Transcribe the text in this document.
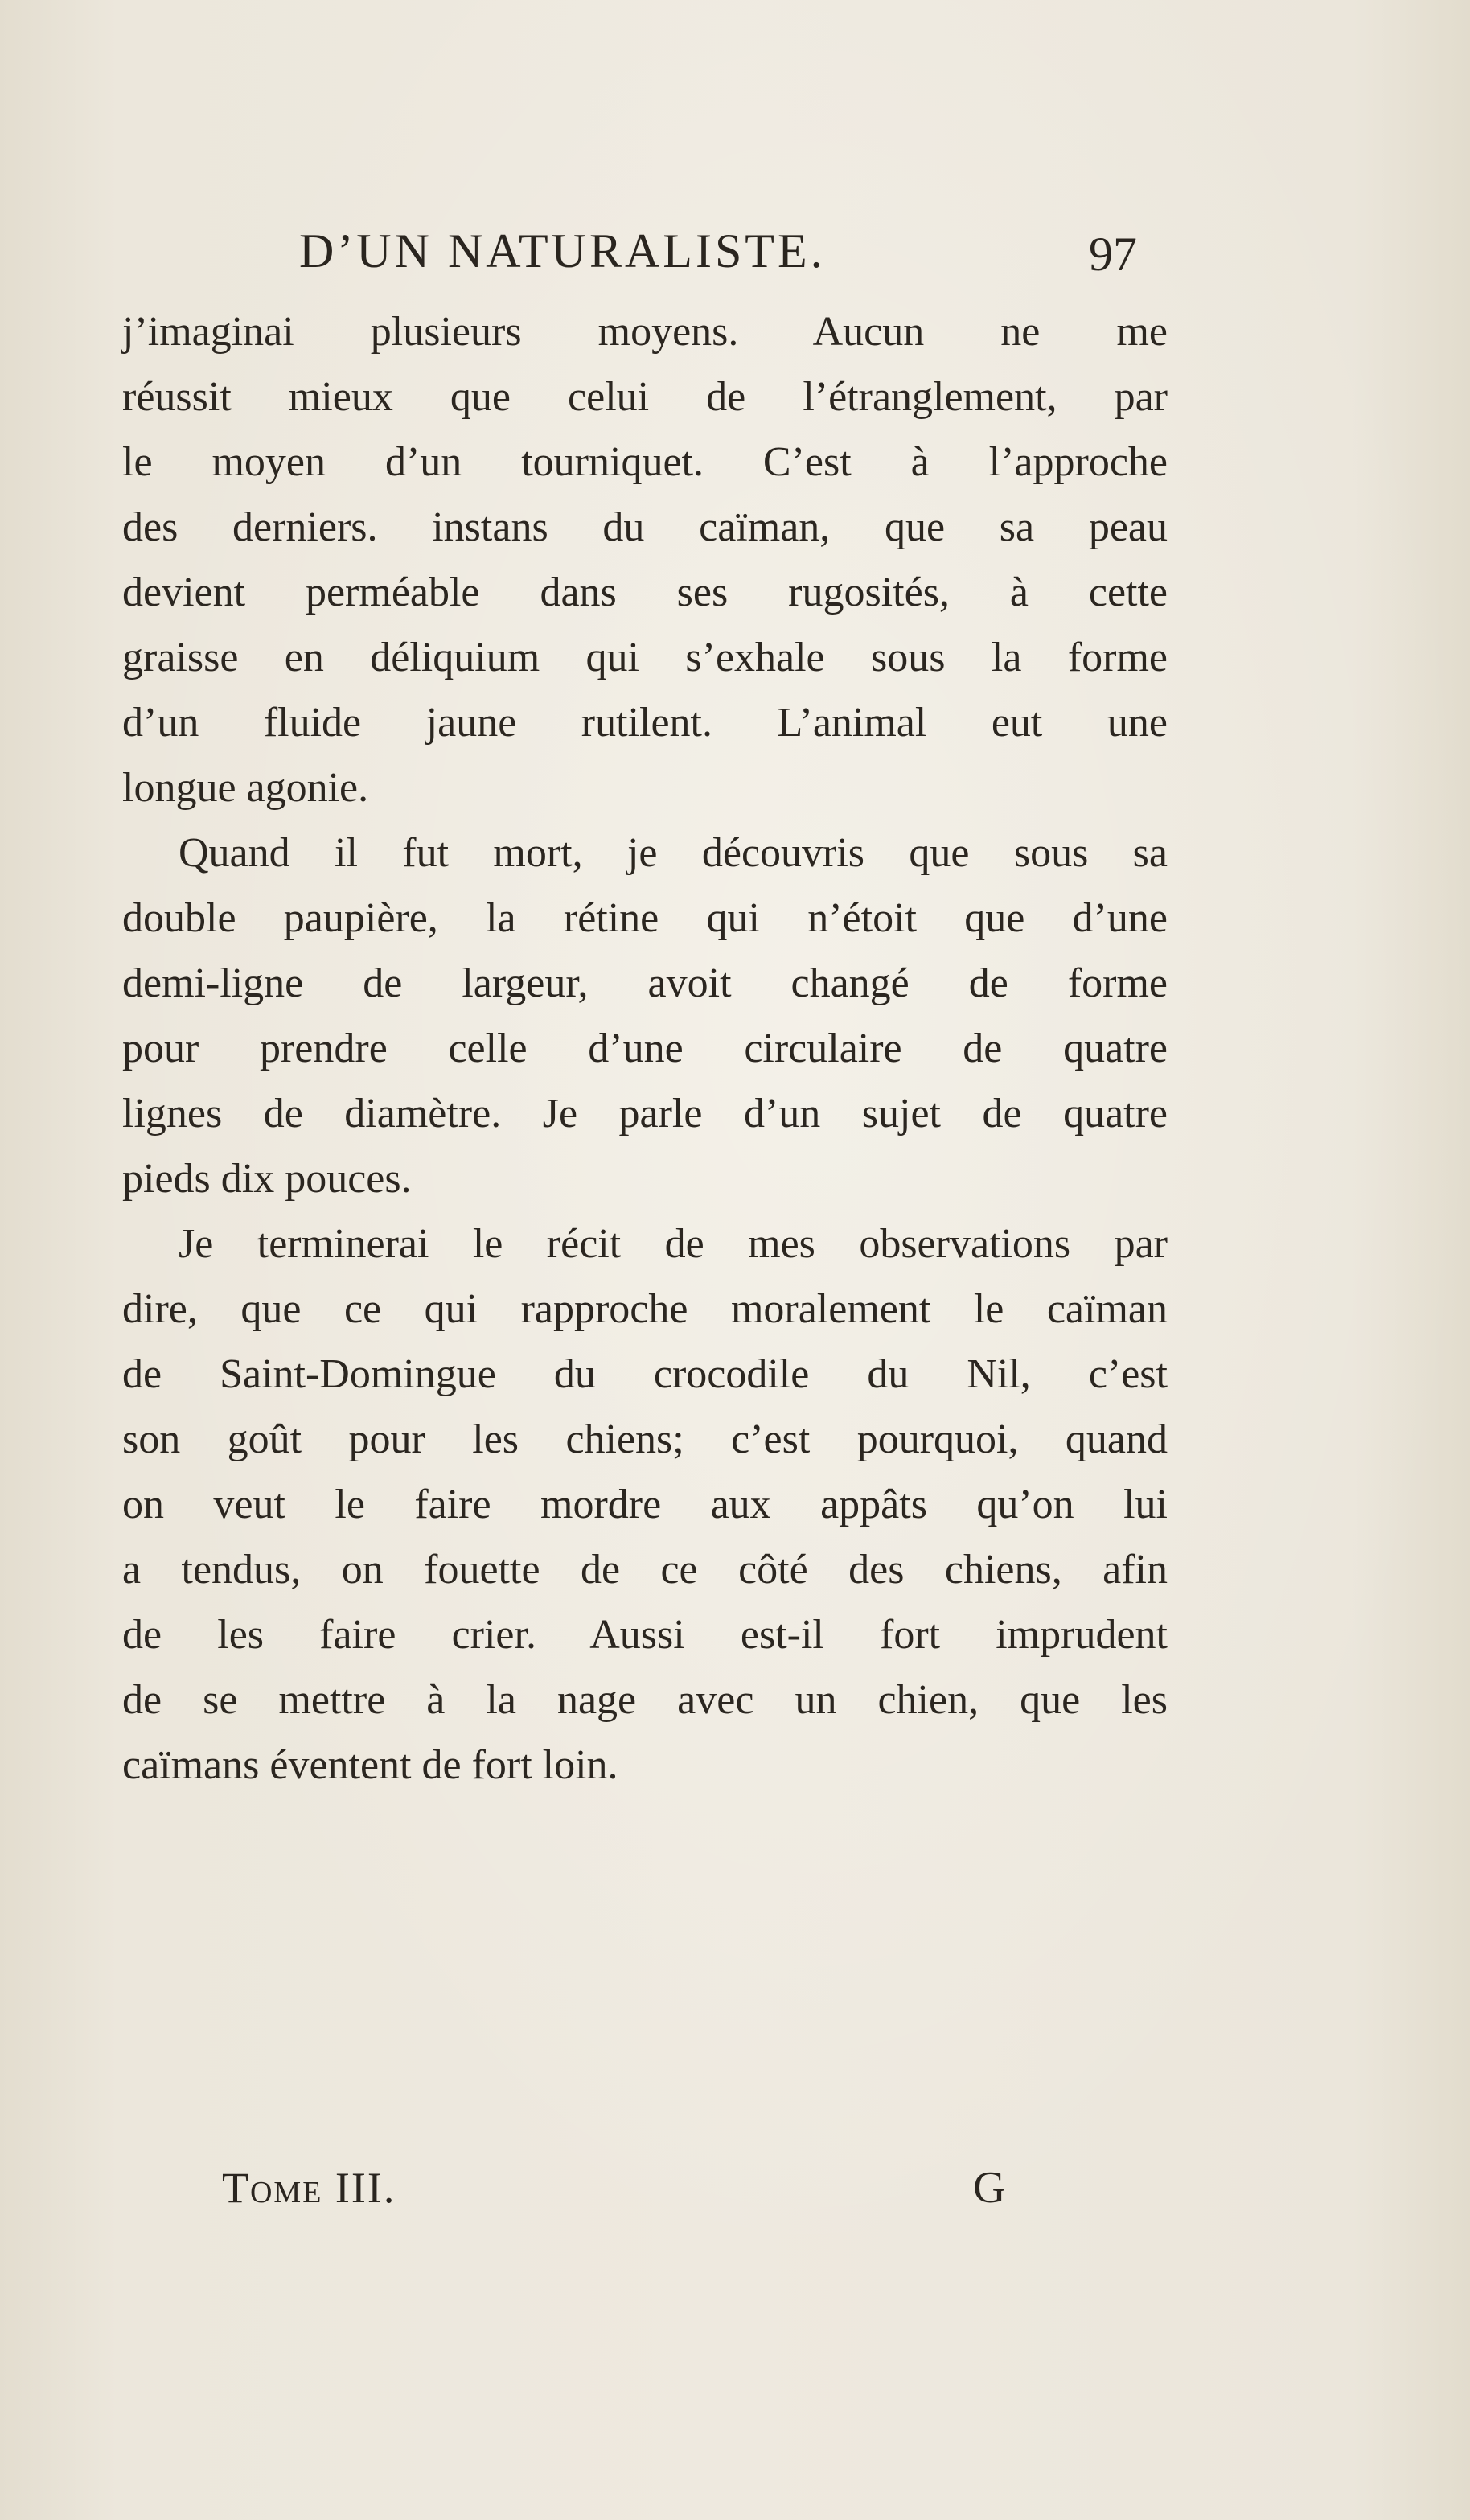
D’UN NATURALISTE.	97
j’imaginai plusieurs moyens. Aucun ne me
réussit mieux que celui de l’étranglement, par
le moyen d’un tourniquet. C’est à l’approche
des derniers. instans du caïman, que sa peau
devient perméable dans ses rugosités, à cette
graisse en déliquium qui s’exhale sous la forme
d’un fluide jaune rutilent. L’animal eut une
longue agonie.
Quand il fut mort, je découvris que sous sa
double paupière, la rétine qui n’étoit que d’une
demi-ligne de largeur, avoit changé de forme
pour prendre celle d’une circulaire de quatre
lignes de diamètre. Je parle d’un sujet de quatre
pieds dix pouces.
Je terminerai le récit de mes observations par
dire, que ce qui rapproche moralement le caïman
de Saint-Domingue du crocodile du Nil, c’est
son goût pour les chiens; c’est pourquoi, quand
on veut le faire mordre aux appâts qu’on lui
a tendus, on fouette de ce côté des chiens, afin
de les faire crier. Aussi est-il fort imprudent
de se mettre à la nage avec un chien, que les
caïmans éventent de fort loin.
Tome III.	G
